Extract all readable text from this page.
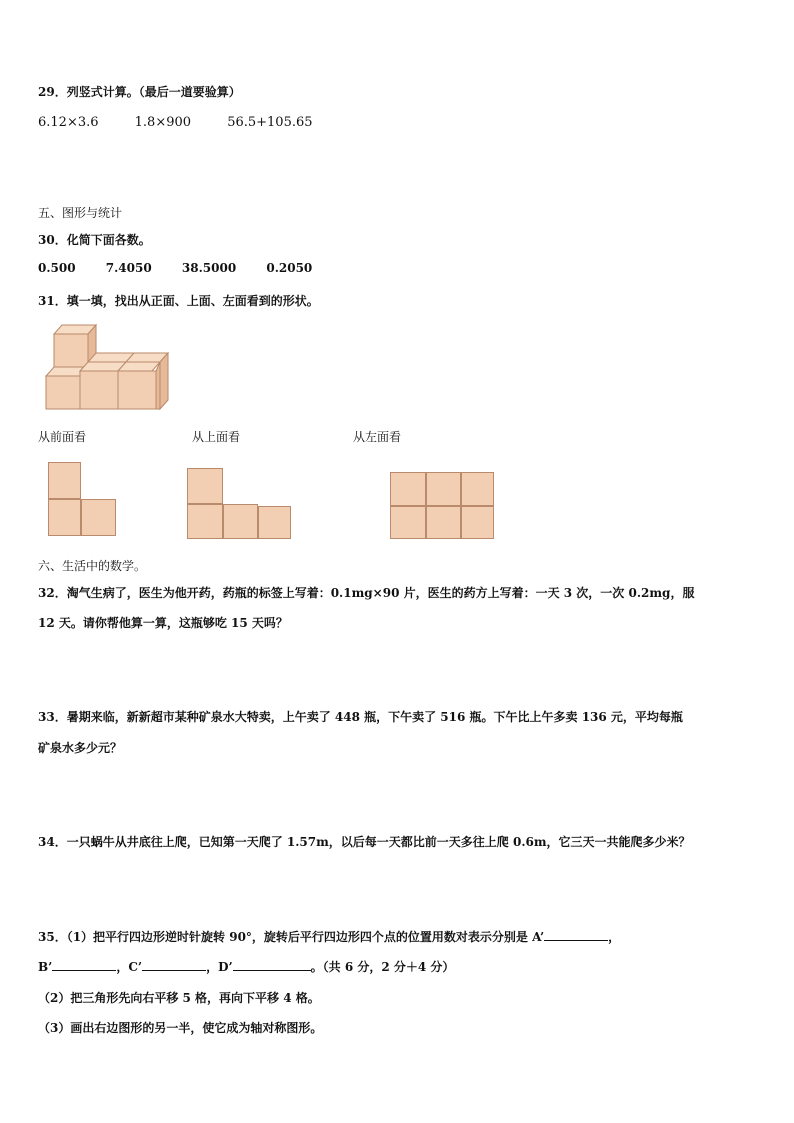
29．列竖式计算。（最后一道要验算）
6.12×3.6	1.8×900	56.5+105.65
五、图形与统计
30．化简下面各数。
0.500	7.4050	38.5000	0.2050
31．填一填，找出从正面、上面、左面看到的形状。
从前面看	从上面看	从左面看
六、生活中的数学。
32．淘气生病了，医生为他开药，药瓶的标签上写着：0.1mg×90 片，医生的药方上写着：一天 3 次，一次 0.2mg，服
12 天。请你帮他算一算，这瓶够吃 15 天吗？
33．暑期来临，新新超市某种矿泉水大特卖，上午卖了 448 瓶，下午卖了 516 瓶。下午比上午多卖 136 元，平均每瓶
矿泉水多少元？
34．一只蜗牛从井底往上爬，已知第一天爬了 1.57m，以后每一天都比前一天多往上爬 0.6m，它三天一共能爬多少米？
35．（1）把平行四边形逆时针旋转 90°，旋转后平行四边形四个点的位置用数对表示分别是 A’	，
B’	，C’	，D’	。（共 6 分，2 分＋4 分）
（2）把三角形先向右平移 5 格，再向下平移 4 格。
（3）画出右边图形的另一半，使它成为轴对称图形。
